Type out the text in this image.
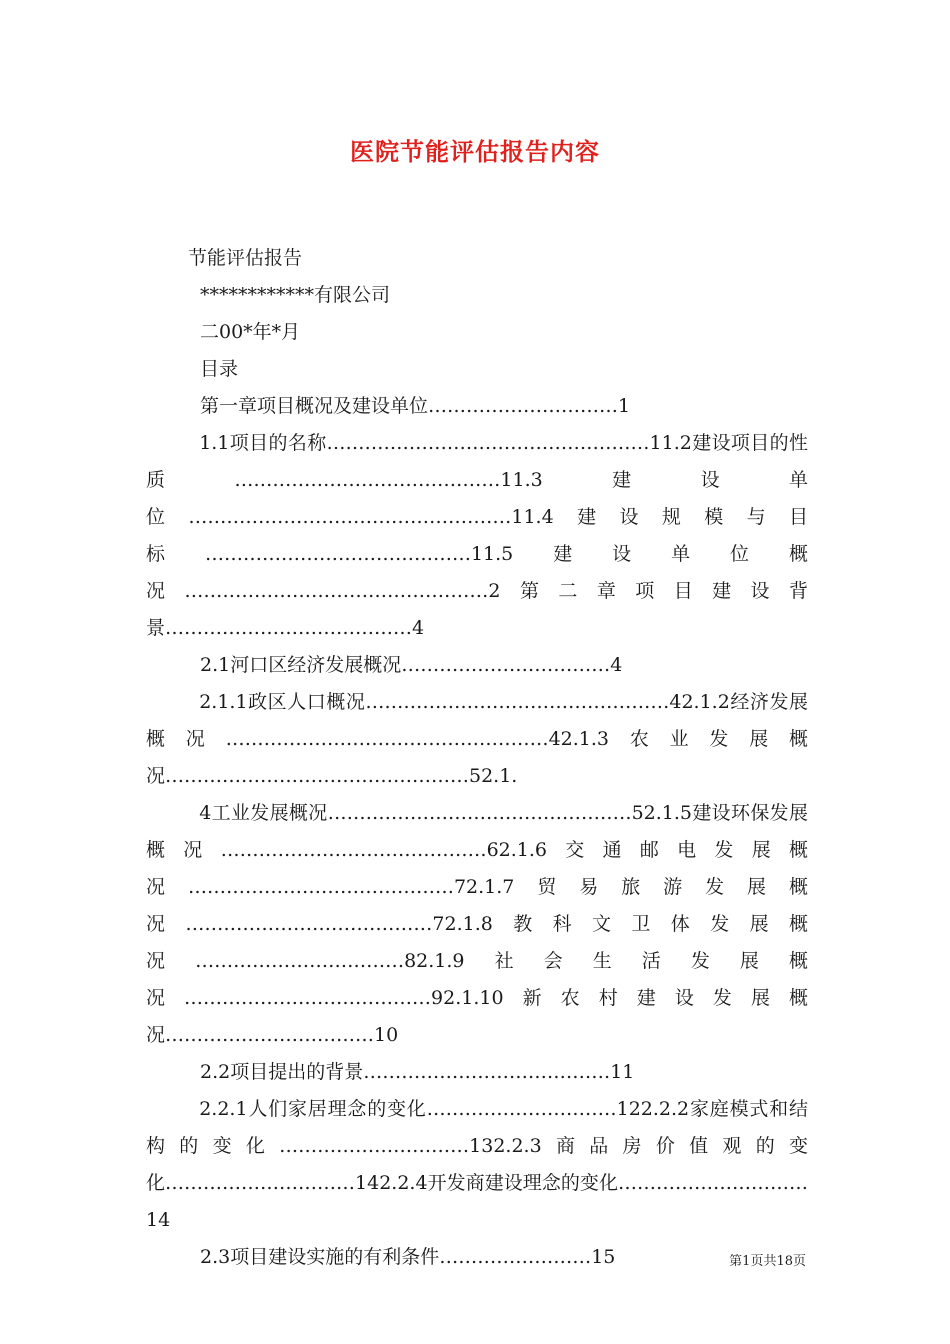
医院节能评估报告内容

节能评估报告

************有限公司

二00*年*月

目录

第一章项目概况及建设单位…………………………1

1.1项目的名称……………………………………………11.2建设项目的性质……………………………………11.3建设单位……………………………………………11.4建设规模与目标……………………………………11.5建设单位概况…………………………………………2第二章项目建设背景…………………………………4

2.1河口区经济发展概况……………………………4

2.1.1政区人口概况…………………………………………42.1.2经济发展概况……………………………………………42.1.3农业发展概况…………………………………………52.1.

4工业发展概况…………………………………………52.1.5建设环保发展概况……………………………………62.1.6交通邮电发展概况……………………………………72.1.7贸易旅游发展概况…………………………………72.1.8教科文卫体发展概况……………………………82.1.9社会生活发展概况…………………………………92.1.10新农村建设发展概况……………………………10

2.2项目提出的背景…………………………………11

2.2.1人们家居理念的变化…………………………122.2.2家庭模式和结构的变化…………………………132.2.3商品房价值观的变化…………………………142.2.4开发商建设理念的变化…………………………14

2.3项目建设实施的有利条件……………………15	第1页共18页
